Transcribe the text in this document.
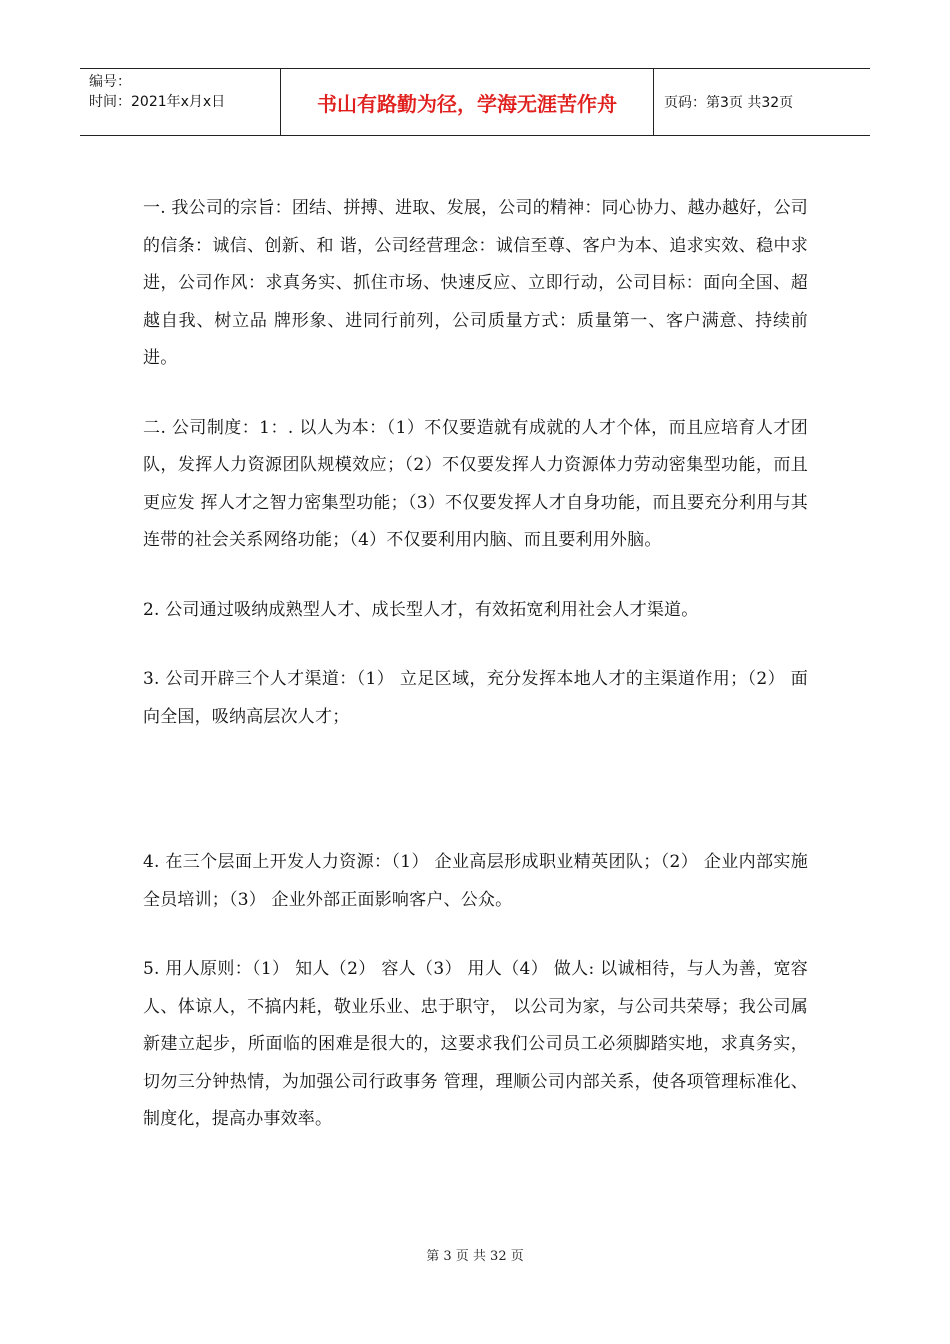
编号：
时间：2021年x月x日	书山有路勤为径，学海无涯苦作舟	页码：第3页 共32页

一. 我公司的宗旨：团结、拼搏、进取、发展，公司的精神：同心协力、越办越好，公司的信条：诚信、创新、和 谐，公司经营理念：诚信至尊、客户为本、追求实效、稳中求进，公司作风：求真务实、抓住市场、快速反应、立即行动，公司目标：面向全国、超越自我、树立品 牌形象、进同行前列，公司质量方式：质量第一、客户满意、持续前进。

二. 公司制度：1：. 以人为本：（1）不仅要造就有成就的人才个体，而且应培育人才团队，发挥人力资源团队规模效应；（2）不仅要发挥人力资源体力劳动密集型功能，而且更应发 挥人才之智力密集型功能；（3）不仅要发挥人才自身功能，而且要充分利用与其连带的社会关系网络功能；（4）不仅要利用内脑、而且要利用外脑。

2. 公司通过吸纳成熟型人才、成长型人才，有效拓宽利用社会人才渠道。

3. 公司开辟三个人才渠道：（1） 立足区域，充分发挥本地人才的主渠道作用；（2） 面向全国，吸纳高层次人才；

4. 在三个层面上开发人力资源：（1） 企业高层形成职业精英团队；（2） 企业内部实施全员培训；（3） 企业外部正面影响客户、公众。

5. 用人原则：（1） 知人（2） 容人（3） 用人（4） 做人: 以诚相待，与人为善，宽容人、体谅人，不搞内耗，敬业乐业、忠于职守， 以公司为家，与公司共荣辱；我公司属新建立起步，所面临的困难是很大的，这要求我们公司员工必须脚踏实地，求真务实，切勿三分钟热情，为加强公司行政事务 管理，理顺公司内部关系，使各项管理标准化、制度化，提高办事效率。

第 3 页 共 32 页
